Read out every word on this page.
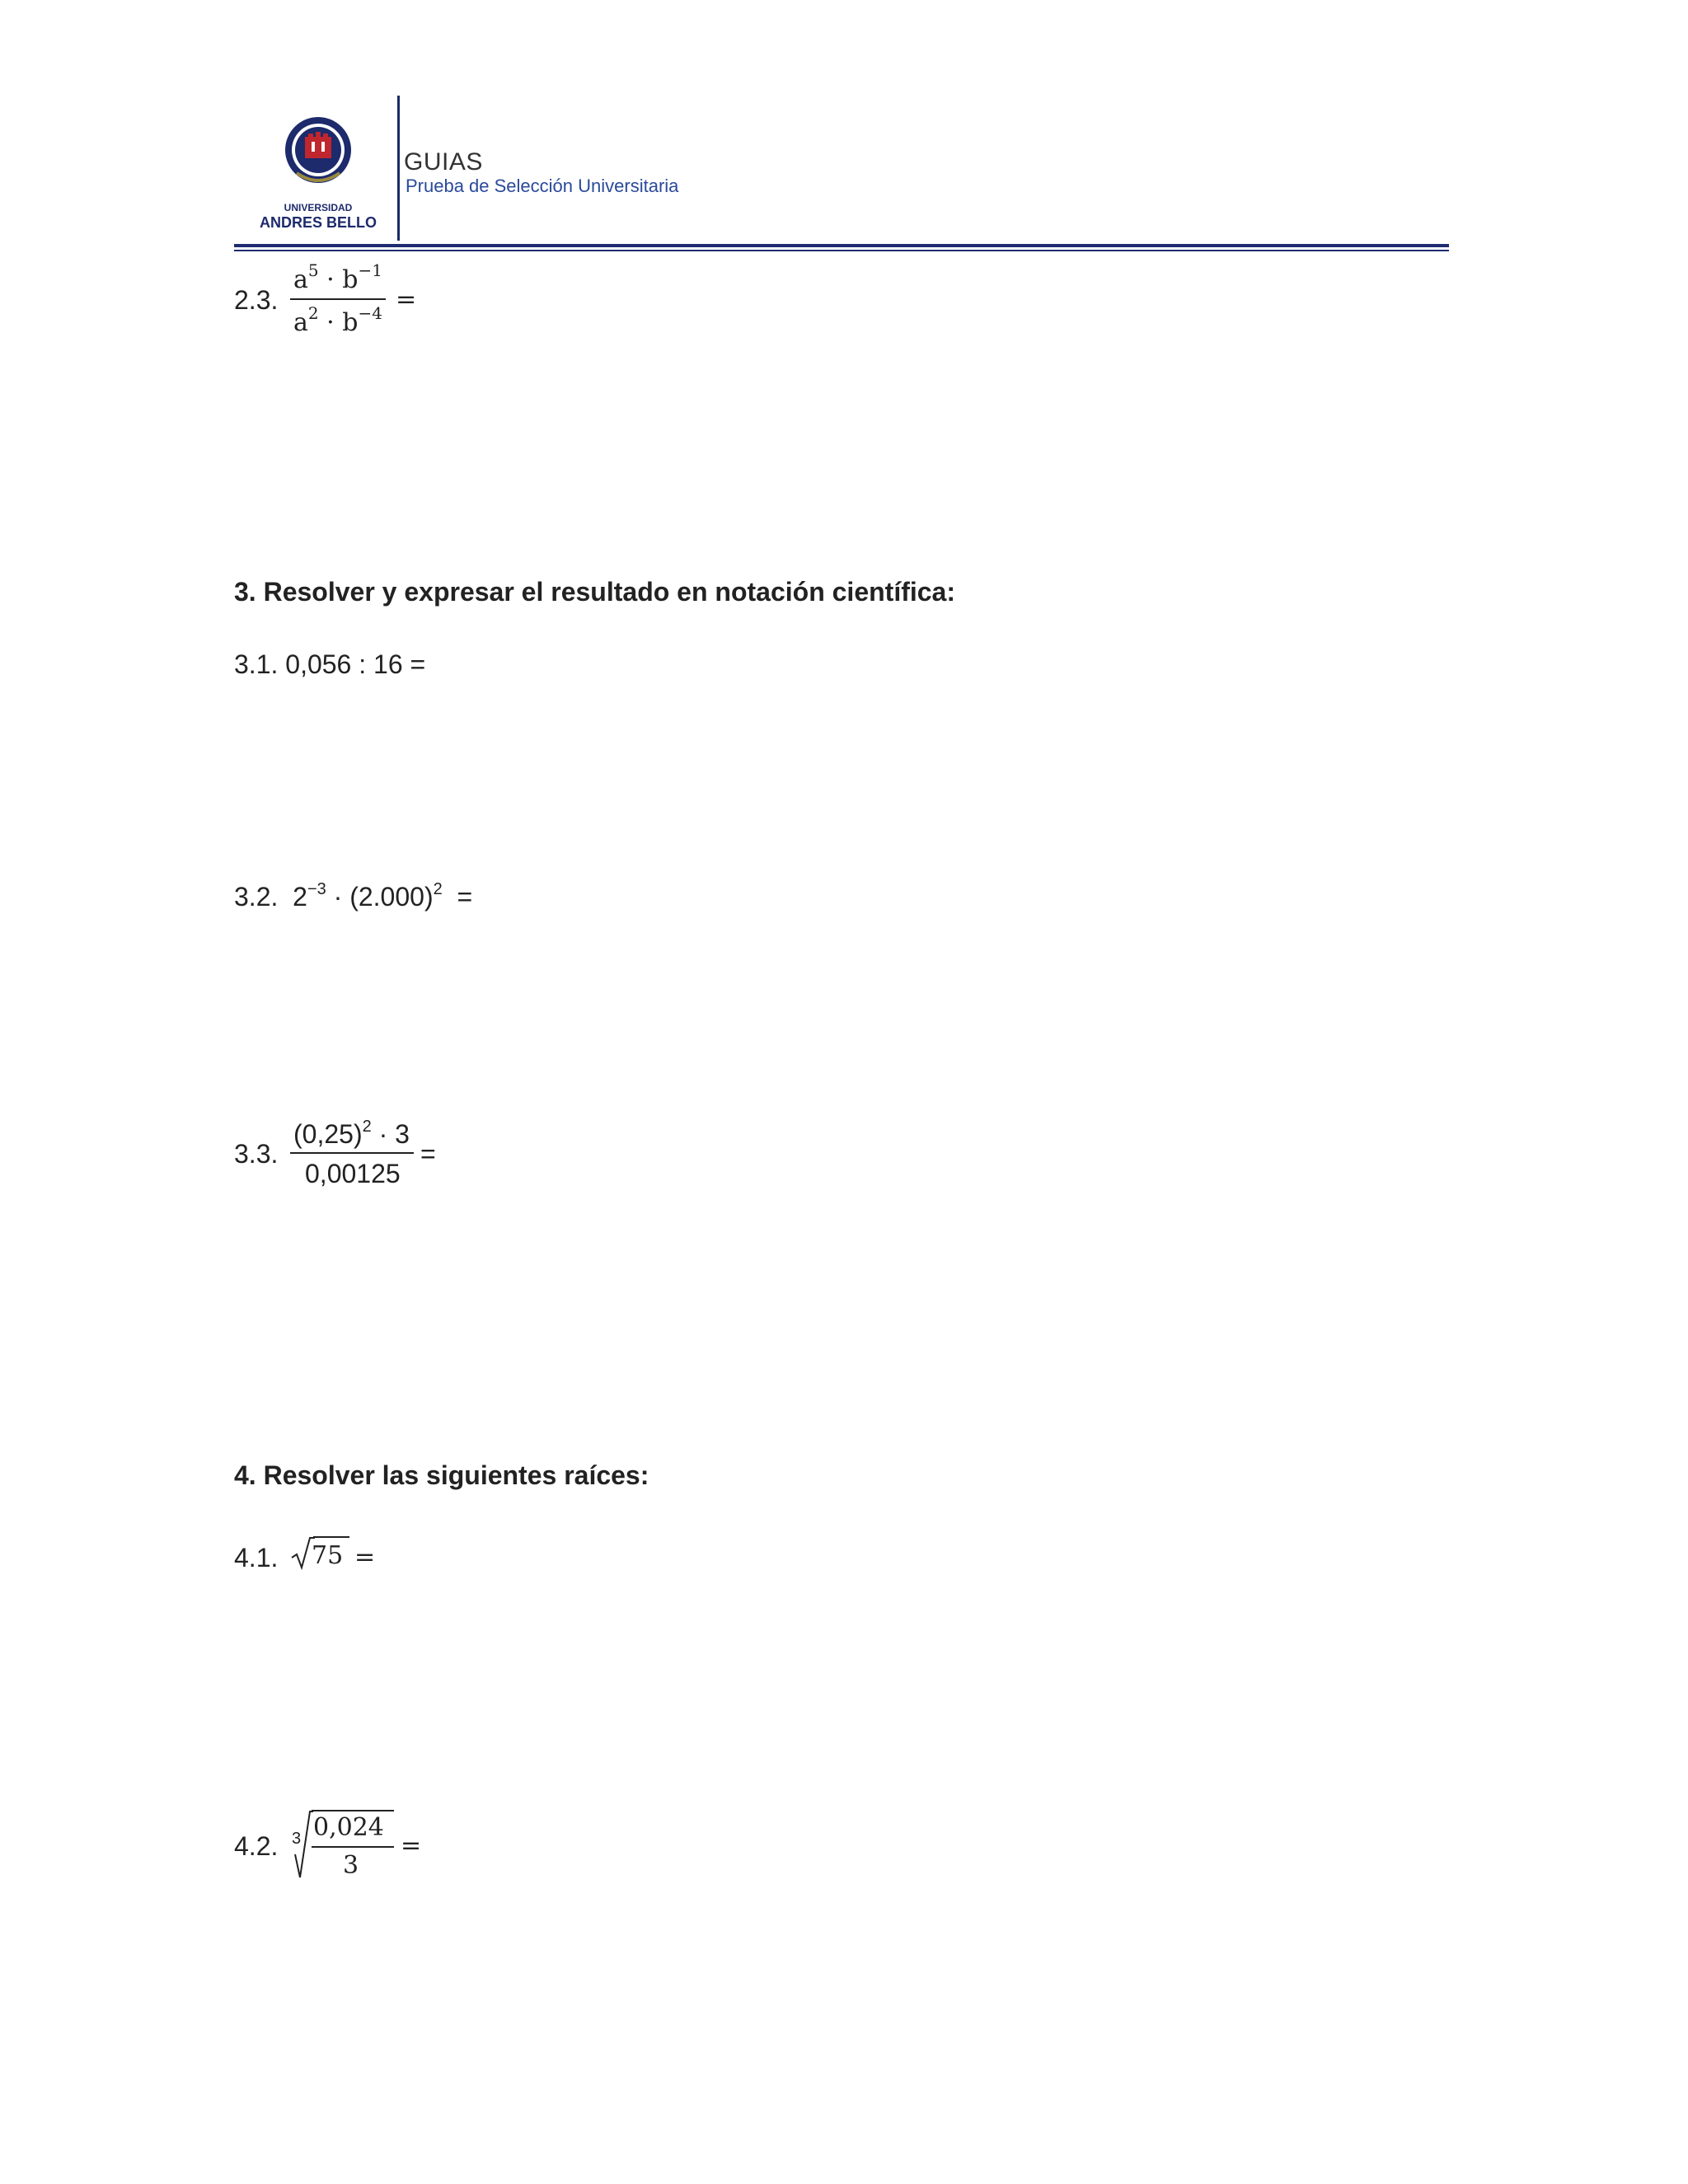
UNIVERSIDAD
ANDRES BELLO
GUIAS
Prueba de Selección Universitaria
2.3.
$a^5 \cdot b^{-1}$
$a^2 \cdot b^{-4}$ =
3. Resolver y expresar el resultado en notación científica:
3.1. 0,056 : 16 =
3.2. $2^{-3} \cdot (2.000)^2$ =
3.3.
$(0,25)^2 \cdot 3$
0,00125
=
4. Resolver las siguientes raíces:
4.1. 75 =
4.2. 3 0,024
3
=
